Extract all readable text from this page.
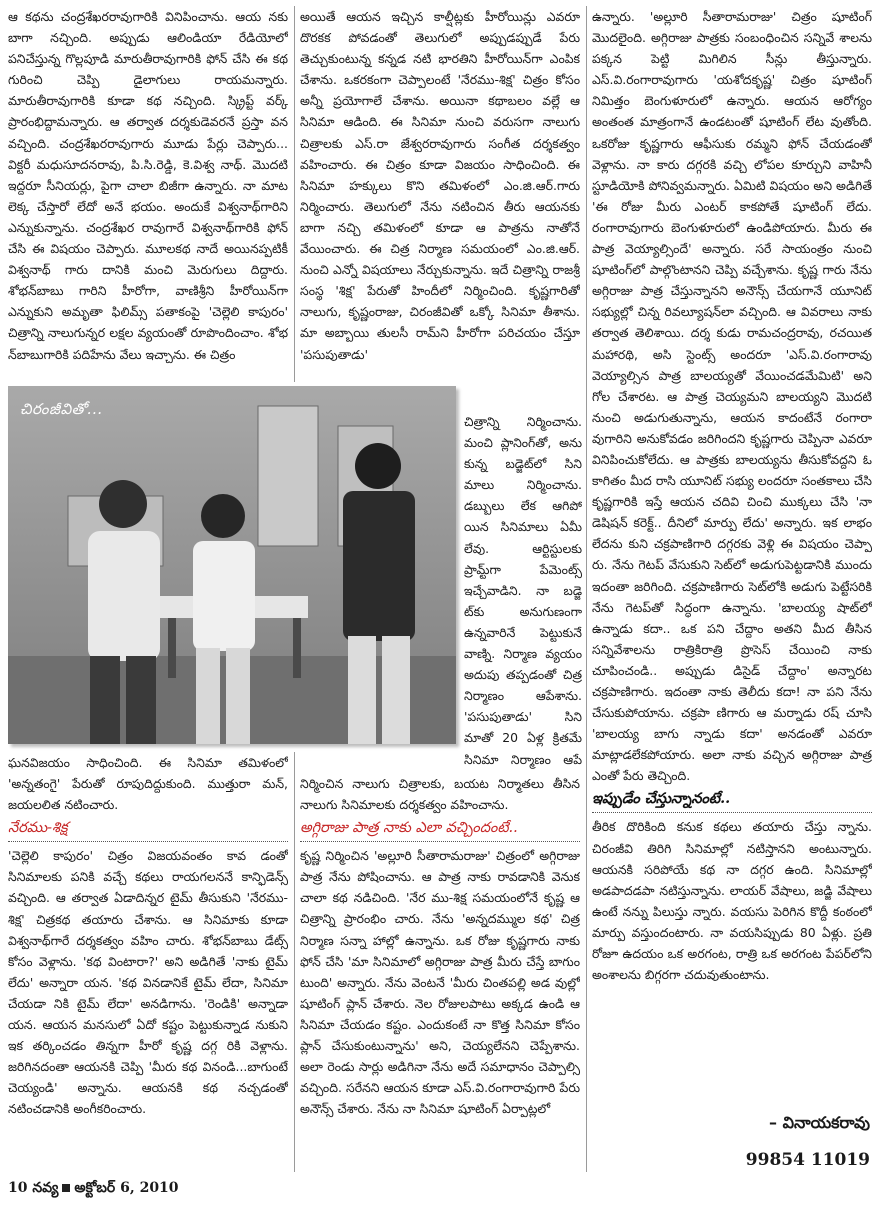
ఆ కథను చంద్రశేఖరరావుగారికి వినిపించాను. ఆయ నకు బాగా నచ్చింది. అప్పుడు ఆలిండియా రేడియోలో పనిచేస్తున్న గొల్లపూడి మారుతీరావుగారికి ఫోన్ చేసి ఈ కథ గురించి చెప్పి డైలాగులు రాయమన్నారు. మారుతీరావుగారికి కూడా కథ నచ్చింది. స్క్రిప్ట్ వర్క్ ప్రారంభిద్దామన్నారు. ఆ తర్వాత దర్శకుడెవరనే ప్రస్తా వన వచ్చింది. చంద్రశేఖరరావుగారు మూడు పేర్లు చెప్పారు... విక్టరీ మధుసూదనరావు, పి.సి.రెడ్డి, కె.విశ్వ నాథ్. మొదటి ఇద్దరూ సీనియర్లు, పైగా చాలా బిజీగా ఉన్నారు. నా మాట లెక్క చేస్తారో లేదో అనే భయం. అందుకే విశ్వనాథ్‌గారిని ఎన్నుకున్నాను. చంద్రశేఖర రావుగారే విశ్వనాథ్‌గారికి ఫోన్ చేసి ఈ విషయం చెప్పారు. మూలకథ నాదే అయినప్పటికీ విశ్వనాథ్ గారు దానికి మంచి మెరుగులు దిద్దారు. శోభన్‌బాబు గారిని హీరోగా, వాణిశ్రీని హీరోయిన్‌గా ఎన్నుకుని అమృతా ఫిలిమ్స్ పతాకంపై 'చెల్లెలి కాపురం' చిత్రాన్ని నాలుగున్నర లక్షల వ్యయంతో రూపొందించాం. శోభ న్‌బాబుగారికి పదిహేను వేలు ఇచ్చాను. ఈ చిత్రం

అయితే ఆయన ఇచ్చిన కాల్షీట్లకు హీరోయిన్లు ఎవరూ దొరకక పోవడంతో తెలుగులో అప్పుడప్పుడే పేరు తెచ్చుకుంటున్న కన్నడ నటి భారతిని హీరోయిన్‌గా ఎంపిక చేశాను. ఒకరకంగా చెప్పాలంటే 'నేరము-శిక్ష' చిత్రం కోసం అన్నీ ప్రయోగాలే చేశాను. అయినా కథాబలం వల్లే ఆ సినిమా ఆడింది. ఈ సినిమా నుంచి వరుసగా నాలుగు చిత్రాలకు ఎస్.రా జేశ్వరరావుగారు సంగీత దర్శకత్వం వహించారు. ఈ చిత్రం కూడా విజయం సాధించింది. ఈ సినిమా హక్కులు కొని తమిళంలో ఎం.జి.ఆర్.గారు నిర్మించారు. తెలుగులో నేను నటించిన తీరు ఆయనకు బాగా నచ్చి తమిళంలో కూడా ఆ పాత్రను నాతోనే వేయించారు. ఈ చిత్ర నిర్మాణ సమయంలో ఎం.జి.ఆర్. నుంచి ఎన్నో విషయాలు నేర్చుకున్నాను. ఇదే చిత్రాన్ని రాజశ్రీ సంస్థ 'శిక్ష' పేరుతో హిందీలో నిర్మించింది. కృష్ణగారితో నాలుగు, కృష్ణంరాజు, చిరంజీవితో ఒక్కో సినిమా తీశాను. మా అబ్బాయి తులసీ రామ్‌ని హీరోగా పరిచయం చేస్తూ 'పసుపుతాడు'

చిత్రాన్ని నిర్మించాను. మంచి ప్లానింగ్‌తో, అను కున్న బడ్జెట్‌లో సిని మాలు నిర్మించాను. డబ్బులు లేక ఆగిపో యిన సినిమాలు ఏమీ లేవు. ఆర్టిస్టులకు ప్రామ్ట్‌గా పేమెంట్స్ ఇచ్చేవాడిని. నా బడ్జె ట్‌కు అనుగుణంగా ఉన్నవారినే పెట్టుకునే వాణ్ని. నిర్మాణ వ్యయం అదుపు తప్పడంతో చిత్ర నిర్మాణం ఆపేశాను. 'పసుపుతాడు' సిని మాతో 20 ఏళ్ల క్రితమే సినిమా నిర్మాణం ఆపే

చిరంజీవితో...

ఘనవిజయం సాధించింది. ఈ సినిమా తమిళంలో 'అన్నతంగై' పేరుతో రూపుదిద్దుకుంది. ముత్తురా మన్, జయలలిత నటించారు.

నేరము-శిక్ష

'చెల్లెలి కాపురం' చిత్రం విజయవంతం కావ డంతో సినిమాలకు పనికి వచ్చే కథలు రాయగలననే కాన్ఫిడెన్స్ వచ్చింది. ఆ తర్వాత ఏడాదిన్నర టైమ్ తీసుకుని 'నేరము-శిక్ష' చిత్రకథ తయారు చేశాను. ఆ సినిమాకు కూడా విశ్వనాథ్‌గారే దర్శకత్వం వహిం చారు. శోభన్‌బాబు డేట్స్ కోసం వెళ్లాను. 'కథ వింటారా?' అని అడిగితే 'నాకు టైమ్ లేదు' అన్నారా యన. 'కథ వినడానికే టైమ్ లేదా, సినిమా చేయడా నికి టైమ్ లేదా' అనడిగాను. 'రెండికి' అన్నాడా యన. ఆయన మనసులో ఏదో కష్టం పెట్టుకున్నాడ నుకుని ఇక తర్కించడం తిన్నగా హీరో కృష్ణ దగ్గ రికి వెళ్లాను. జరిగినదంతా ఆయనకి చెప్పి 'మీరు కథ వినండి...బాగుంటే చెయ్యండి' అన్నాను. ఆయనకి కథ నచ్చడంతో నటించడానికి అంగీకరించారు.

నిర్మించిన నాలుగు చిత్రాలకు, బయట నిర్మాతలు తీసిన నాలుగు సినిమాలకు దర్శకత్వం వహించాను.

అగ్గిరాజు పాత్ర నాకు ఎలా వచ్చిందంటే..

కృష్ణ నిర్మించిన 'అల్లూరి సీతారామరాజు' చిత్రంలో అగ్గిరాజు పాత్ర నేను పోషించాను. ఆ పాత్ర నాకు రావడానికి వెనుక చాలా కథ నడిచింది. 'నేర ము-శిక్ష సమయంలోనే కృష్ణ ఆ చిత్రాన్ని ప్రారంభిం చారు. నేను 'అన్నదమ్ముల కథ' చిత్ర నిర్మాణ సన్నా హాల్లో ఉన్నాను. ఒక రోజు కృష్ణగారు నాకు ఫోన్ చేసి 'మా సినిమాలో అగ్గిరాజు పాత్ర మీరు చేస్తే బాగుం టుంది' అన్నారు. నేను వెంటనే 'మీరు చింతపల్లి అడ వుల్లో షూటింగ్ ప్లాన్ చేశారు. నెల రోజులపాటు అక్కడ ఉండి ఆ సినిమా చేయడం కష్టం. ఎందుకంటే నా కొత్త సినిమా కోసం ప్లాన్ చేసుకుంటున్నాను' అని, చెయ్యలేనని చెప్పేశాను. అలా రెండు సార్లు అడిగినా నేను అదే సమాధానం చెప్పాల్సి వచ్చింది. సరేనని ఆయన కూడా ఎస్.వి.రంగారావుగారి పేరు అనౌన్స్ చేశారు. నేను నా సినిమా షూటింగ్ ఏర్పాట్లలో

ఉన్నారు. 'అల్లూరి సీతారామరాజు' చిత్రం షూటింగ్ మొదలైంది. అగ్గిరాజు పాత్రకు సంబంధించిన సన్నివే శాలను పక్కన పెట్టి మిగిలిన సీన్లు తీస్తున్నారు. ఎస్.వి.రంగారావుగారు 'యశోదకృష్ణ' చిత్రం షూటింగ్ నిమిత్తం బెంగుళూరులో ఉన్నారు. ఆయన ఆరోగ్యం అంతంత మాత్రంగానే ఉండటంతో షూటింగ్ లేట వుతోంది. ఒకరోజు కృష్ణగారు ఆఫీసుకు రమ్మని ఫోన్ చేయడంతో వెళ్లాను. నా కారు దగ్గరకి వచ్చి లోపల కూర్చుని వాహినీ స్టూడియోకి పోనివ్వమన్నారు. ఏమిటి విషయం అని అడిగితే 'ఈ రోజు మీరు ఎంటర్ కాకపోతే షూటింగ్ లేదు. రంగారావుగారు బెంగుళూరులో ఉండిపోయారు. మీరు ఈ పాత్ర వెయ్యాల్సిందే' అన్నారు. సరే సాయంత్రం నుంచి షూటింగ్‌లో పాల్గొంటానని చెప్పి వచ్చేశాను. కృష్ణ గారు నేను అగ్గిరాజు పాత్ర చేస్తున్నానని అనౌన్స్ చేయగానే యూనిట్ సభ్యుల్లో చిన్న రివల్యూషన్‌లా వచ్చింది. ఆ వివరాలు నాకు తర్వాత తెలిశాయి. దర్శ కుడు రామచంద్రరావు, రచయిత మహారథి, అసి స్టెంట్స్ అందరూ 'ఎస్.వి.రంగారావు వెయ్యాల్సిన పాత్ర బాలయ్యతో వేయించడమేమిటి' అని గోల చేశారట. ఆ పాత్ర చెయ్యమని బాలయ్యని మొదటి నుంచి అడుగుతున్నాను, ఆయన కాదంటేనే రంగారా వుగారిని అనుకోవడం జరిగిందని కృష్ణగారు చెప్పినా ఎవరూ వినిపించుకోలేదు. ఆ పాత్రకు బాలయ్యను తీసుకోవద్దని ఓ కాగితం మీద రాసి యూనిట్ సభ్యు లందరూ సంతకాలు చేసి కృష్ణగారికి ఇస్తే ఆయన చదివి చించి ముక్కలు చేసి 'నా డెషిషన్ కరెక్ట్.. దీనిలో మార్పు లేదు' అన్నారు. ఇక లాభం లేదను కుని చక్రపాణిగారి దగ్గరకు వెళ్లి ఈ విషయం చెప్పా రు. నేను గెటప్ వేసుకుని సెట్‌లో అడుగుపెట్టడానికి ముందు ఇదంతా జరిగింది. చక్రపాణిగారు సెట్‌లోకి అడుగు పెట్టేసరికి నేను గెటప్‌తో సిద్ధంగా ఉన్నాను. 'బాలయ్య షాట్‌లో ఉన్నాడు కదా.. ఒక పని చేద్దాం అతని మీద తీసిన సన్నివేశాలను రాత్రికిరాత్రి ప్రొసెస్ చేయించి నాకు చూపించండి.. అప్పుడు డిసైడ్ చేద్దాం' అన్నారట చక్రపాణిగారు. ఇదంతా నాకు తెలీదు కదా! నా పని నేను చేసుకుపోయాను. చక్రపా ణిగారు ఆ మర్నాడు రష్ చూసి 'బాలయ్య బాగు న్నాడు కదా' అనడంతో ఎవరూ మాట్లాడలేకపోయారు. అలా నాకు వచ్చిన అగ్గిరాజు పాత్ర ఎంతో పేరు తెచ్చింది.

ఇప్పుడేం చేస్తున్నానంటే..

తీరిక దొరికింది కనుక కథలు తయారు చేస్తు న్నాను. చిరంజీవి తిరిగి సినిమాల్లో నటిస్తానని అంటున్నారు. ఆయనకి సరిపోయే కథ నా దగ్గర ఉంది. సినిమాల్లో అడపాదడపా నటిస్తున్నాను. లాయర్ వేషాలు, జడ్జి వేషాలు ఉంటే నన్ను పిలుస్తు న్నారు. వయసు పెరిగిన కొద్దీ కంఠంలో మార్పు వస్తుందంటారు. నా వయసిప్పుడు 80 ఏళ్లు. ప్రతి రోజూ ఉదయం ఒక అరగంట, రాత్రి ఒక అరగంట పేపర్‌లోని అంశాలను బిగ్గరగా చదువుతుంటాను.

– వినాయకరావు
99854 11019
10 నవ్య అక్టోబర్ 6, 2010
